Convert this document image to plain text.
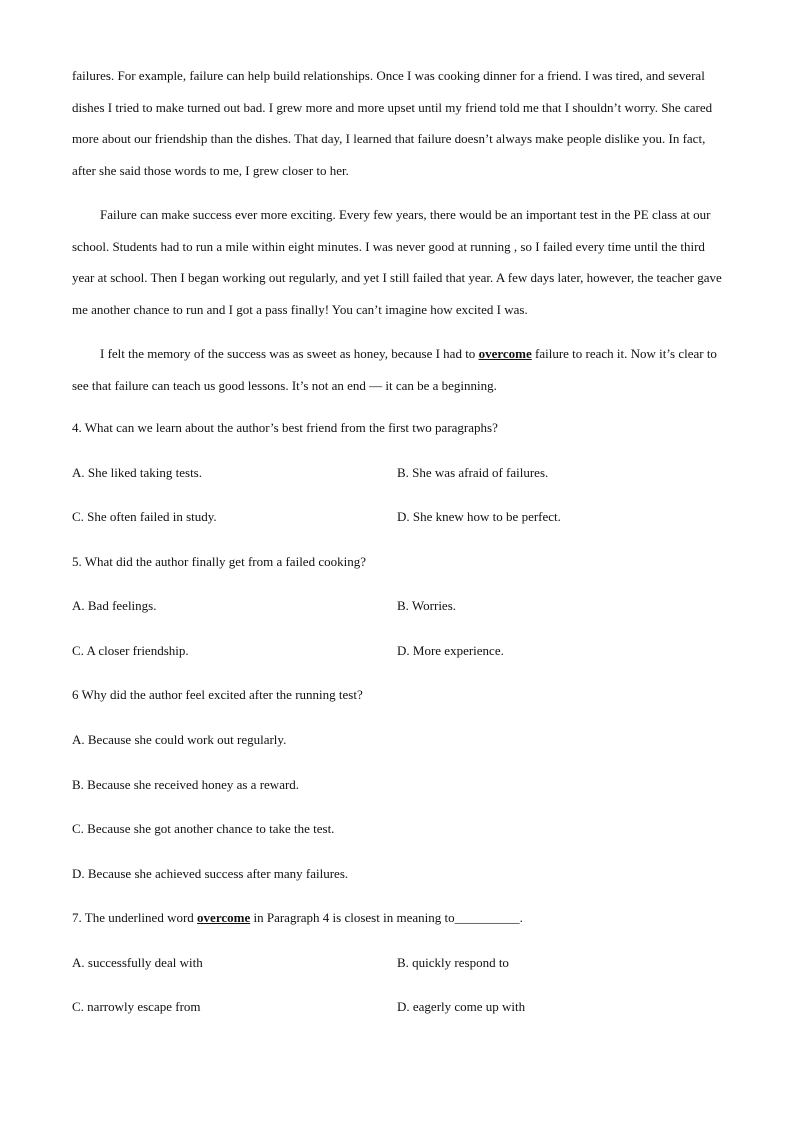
failures. For example, failure can help build relationships. Once I was cooking dinner for a friend. I was tired, and several dishes I tried to make turned out bad. I grew more and more upset until my friend told me that I shouldn’t worry. She cared more about our friendship than the dishes. That day, I learned that failure doesn’t always make people dislike you. In fact, after she said those words to me, I grew closer to her.

Failure can make success ever more exciting. Every few years, there would be an important test in the PE class at our school. Students had to run a mile within eight minutes. I was never good at running , so I failed every time until the third year at school. Then I began working out regularly, and yet I still failed that year. A few days later, however, the teacher gave me another chance to run and I got a pass finally! You can’t imagine how excited I was.

I felt the memory of the success was as sweet as honey, because I had to overcome failure to reach it. Now it’s clear to see that failure can teach us good lessons. It’s not an end — it can be a beginning.

4. What can we learn about the author’s best friend from the first two paragraphs?

A. She liked taking tests.	B. She was afraid of failures.

C. She often failed in study.	D. She knew how to be perfect.

5. What did the author finally get from a failed cooking?

A. Bad feelings.	B. Worries.

C. A closer friendship.	D. More experience.

6 Why did the author feel excited after the running test?

A. Because she could work out regularly.

B. Because she received honey as a reward.

C. Because she got another chance to take the test.

D. Because she achieved success after many failures.

7. The underlined word overcome in Paragraph 4 is closest in meaning to__________.

A. successfully deal with	B. quickly respond to

C. narrowly escape from	D. eagerly come up with
